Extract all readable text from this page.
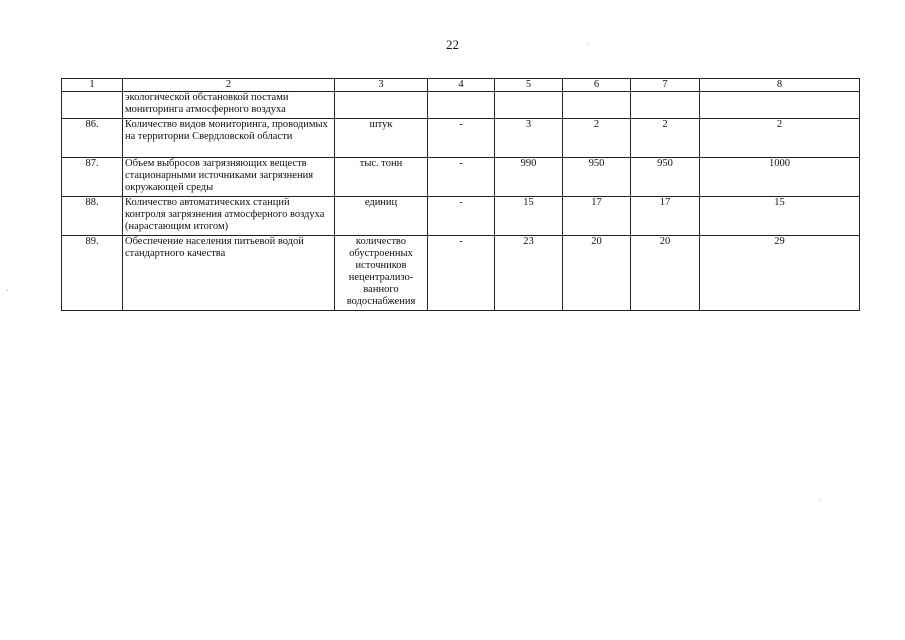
22
1	2	3	4	5	6	7	8
	экологической обстановкой постами мониторинга атмосферного воздуха						
86.	Количество видов мониторинга, проводимых на территории Свердловской области	штук	-	3	2	2	2
87.	Объем выбросов загрязняющих веществ стационарными источниками загрязнения окружающей среды	тыс. тонн	-	990	950	950	1000
88.	Количество автоматических станций контроля загрязнения атмосферного воздуха (нарастающим итогом)	единиц	-	15	17	17	15
89.	Обеспечение населения питьевой водой стандартного качества	количество обустроенных источников нецентрализо-ванного водоснабжения	-	23	20	20	29
